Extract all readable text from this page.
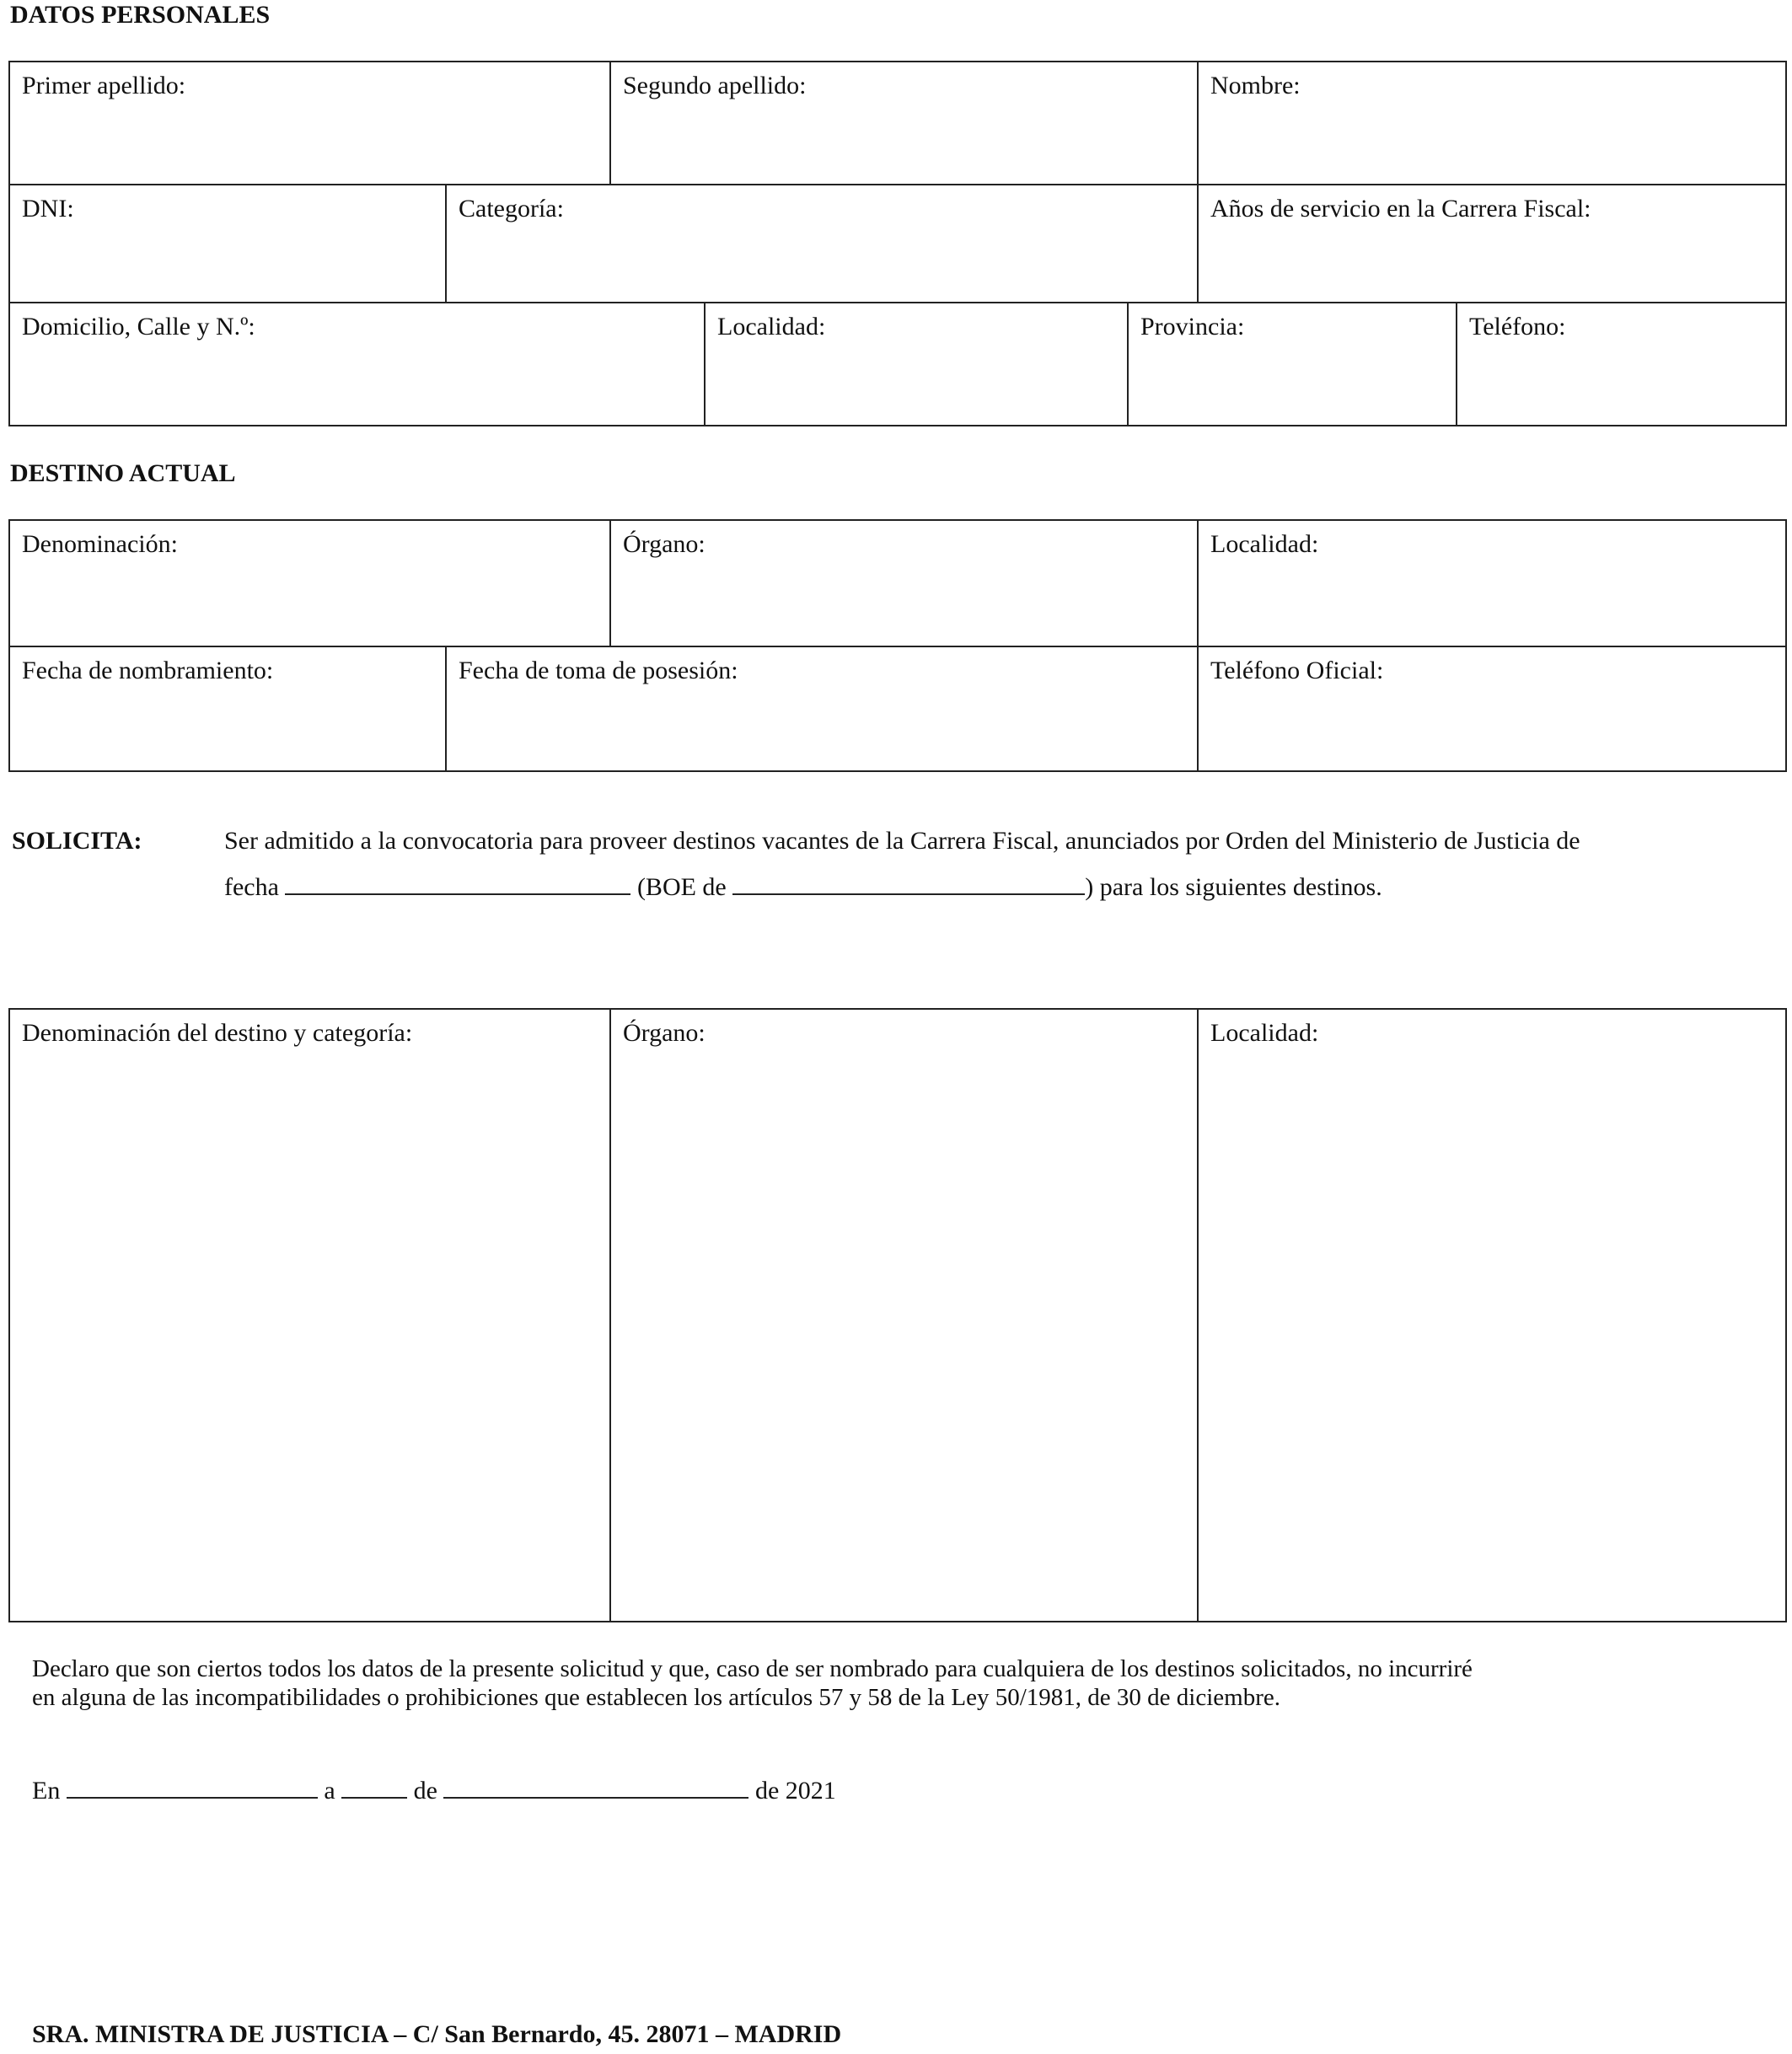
DATOS PERSONALES
Primer apellido:	Segundo apellido:	Nombre:
DNI:	Categoría:	Años de servicio en la Carrera Fiscal:
Domicilio, Calle y N.º:	Localidad:	Provincia:	Teléfono:
DESTINO ACTUAL
Denominación:	Órgano:	Localidad:
Fecha de nombramiento:	Fecha de toma de posesión:	Teléfono Oficial:
SOLICITA:	Ser admitido a la convocatoria para proveer destinos vacantes de la Carrera Fiscal, anunciados por Orden del Ministerio de Justicia de
fecha	(BOE de	) para los siguientes destinos.
Denominación del destino y categoría:	Órgano:	Localidad:
Declaro que son ciertos todos los datos de la presente solicitud y que, caso de ser nombrado para cualquiera de los destinos solicitados, no incurriré
en alguna de las incompatibilidades o prohibiciones que establecen los artículos 57 y 58 de la Ley 50/1981, de 30 de diciembre.
En	a	de	de 2021
SRA. MINISTRA DE JUSTICIA – C/ San Bernardo, 45. 28071 – MADRID
